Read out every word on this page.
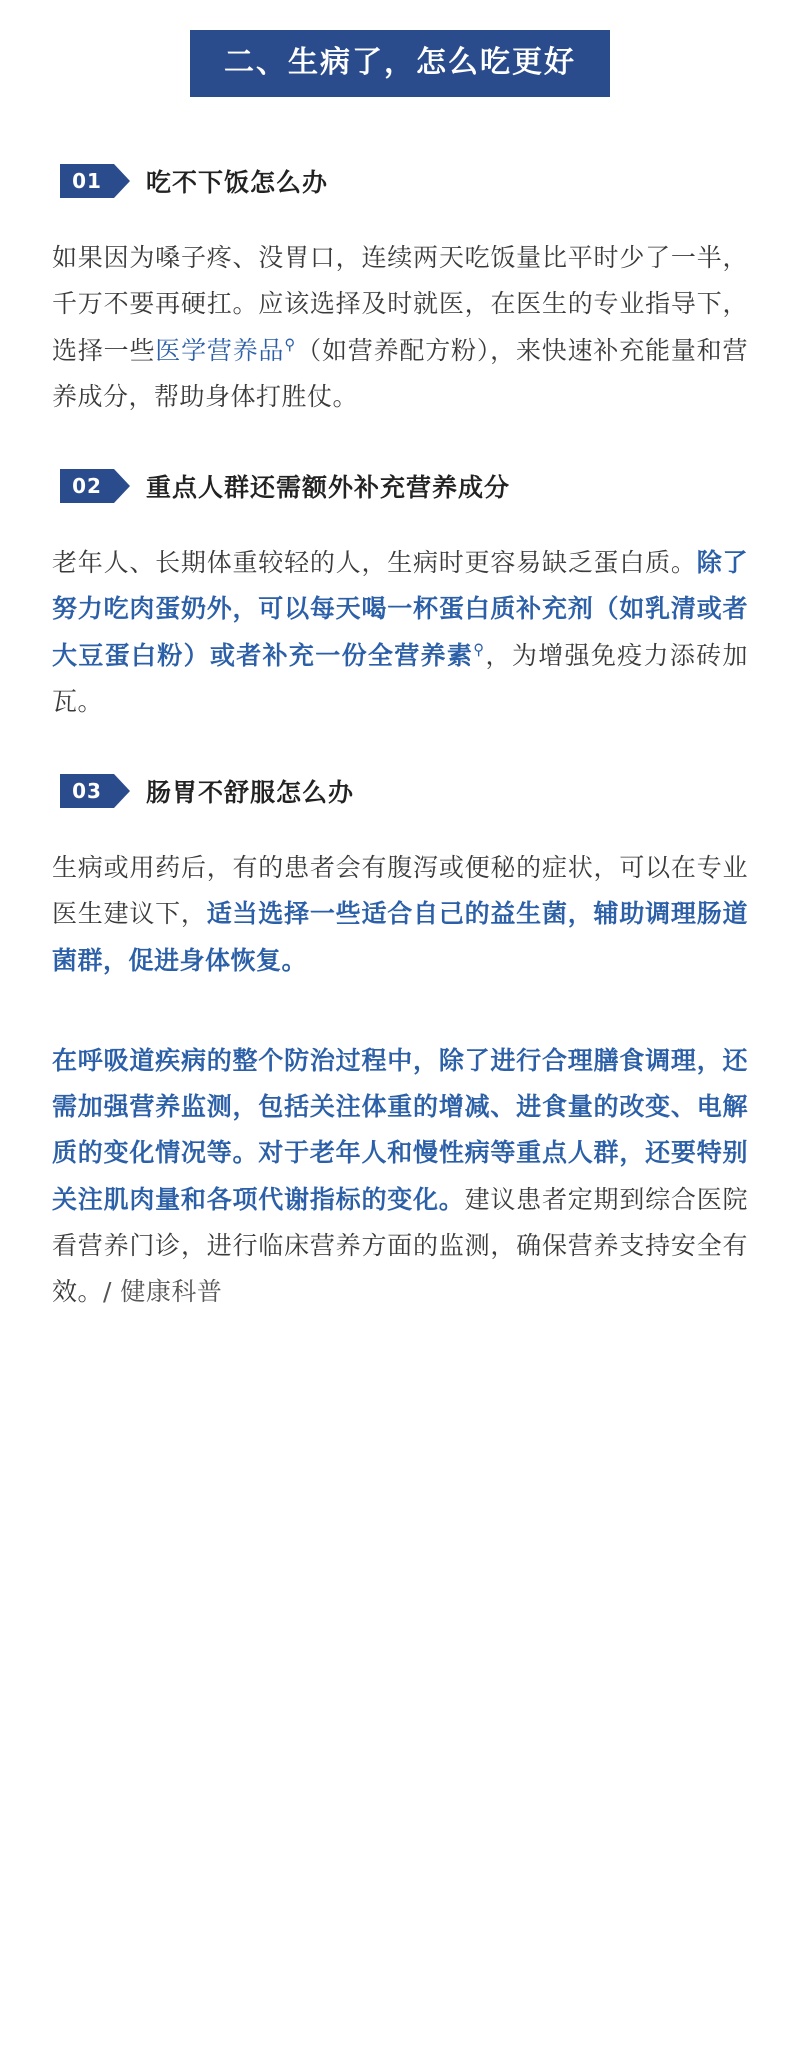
二、生病了，怎么吃更好
01	吃不下饭怎么办
如果因为嗓子疼、没胃口，连续两天吃饭量比平时少了一半，千万不要再硬扛。应该选择及时就医，在医生的专业指导下，选择一些医学营养品⚲（如营养配方粉），来快速补充能量和营养成分，帮助身体打胜仗。
02	重点人群还需额外补充营养成分
老年人、长期体重较轻的人，生病时更容易缺乏蛋白质。除了努力吃肉蛋奶外，可以每天喝一杯蛋白质补充剂（如乳清或者大豆蛋白粉）或者补充一份全营养素⚲，为增强免疫力添砖加瓦。
03	肠胃不舒服怎么办
生病或用药后，有的患者会有腹泻或便秘的症状，可以在专业医生建议下，适当选择一些适合自己的益生菌，辅助调理肠道菌群，促进身体恢复。
在呼吸道疾病的整个防治过程中，除了进行合理膳食调理，还需加强营养监测，包括关注体重的增减、进食量的改变、电解质的变化情况等。对于老年人和慢性病等重点人群，还要特别关注肌肉量和各项代谢指标的变化。建议患者定期到综合医院看营养门诊，进行临床营养方面的监测，确保营养支持安全有效。/ 健康科普
